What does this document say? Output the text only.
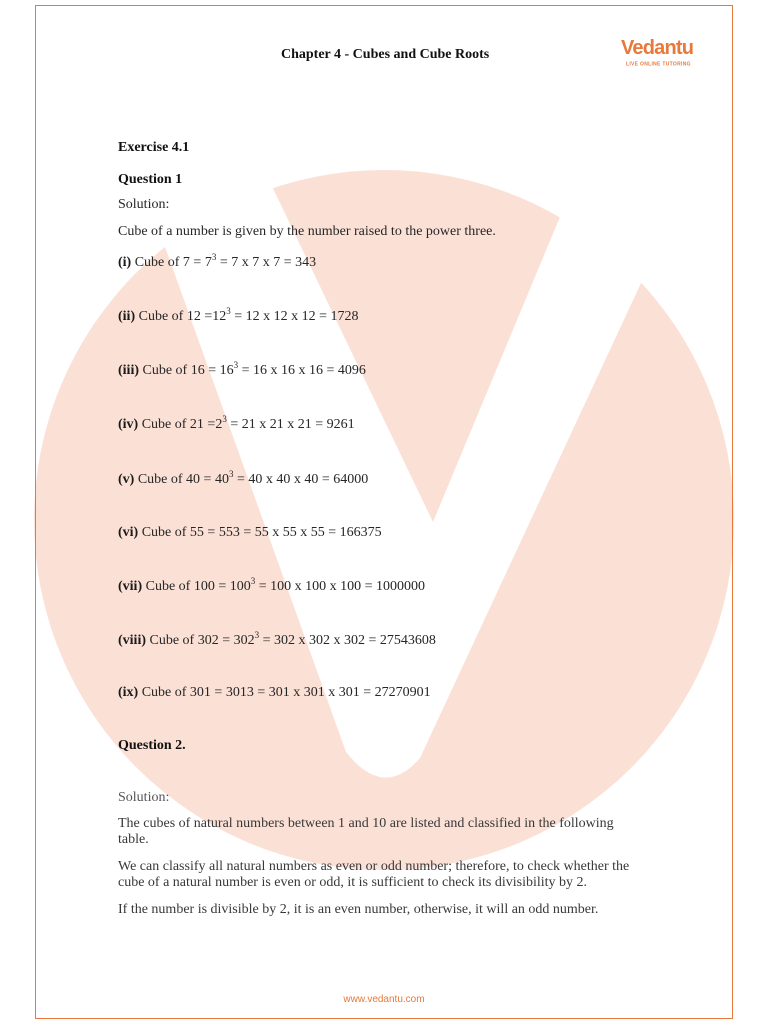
Chapter 4 - Cubes and Cube Roots	Vedantu
LIVE ONLINE TUTORING
Exercise 4.1
Question 1
Solution:
Cube of a number is given by the number raised to the power three.
(i) Cube of $7 = 7^3 = 7$ x 7 x 7 = 343
(ii) Cube of $12 =12^3 = 12$ x 12 x 12 = 1728
(iii) Cube of $16 = 16^3 = 16$ x 16 x 16 = 4096
(iv) Cube of $21 =2^3 = 21$ x 21 x 21 = 9261
(v) Cube of $40 = 40^3 = 40$ x 40 x 40 = 64000
(vi) Cube of 55 = 553 = 55 x 55 x 55 = 166375
(vii) Cube of $100 = 100^3 = 100$ x 100 x 100 = 1000000
(viii) Cube of $302 = 302^3 = 302$ x 302 x 302 = 27543608
(ix) Cube of 301 = 3013 = 301 x 301 x 301 = 27270901
Question 2.
Solution:
The cubes of natural numbers between 1 and 10 are listed and classified in the following
table.
We can classify all natural numbers as even or odd number; therefore, to check whether the
cube of a natural number is even or odd, it is sufficient to check its divisibility by 2.
If the number is divisible by 2, it is an even number, otherwise, it will an odd number.
www.vedantu.com
